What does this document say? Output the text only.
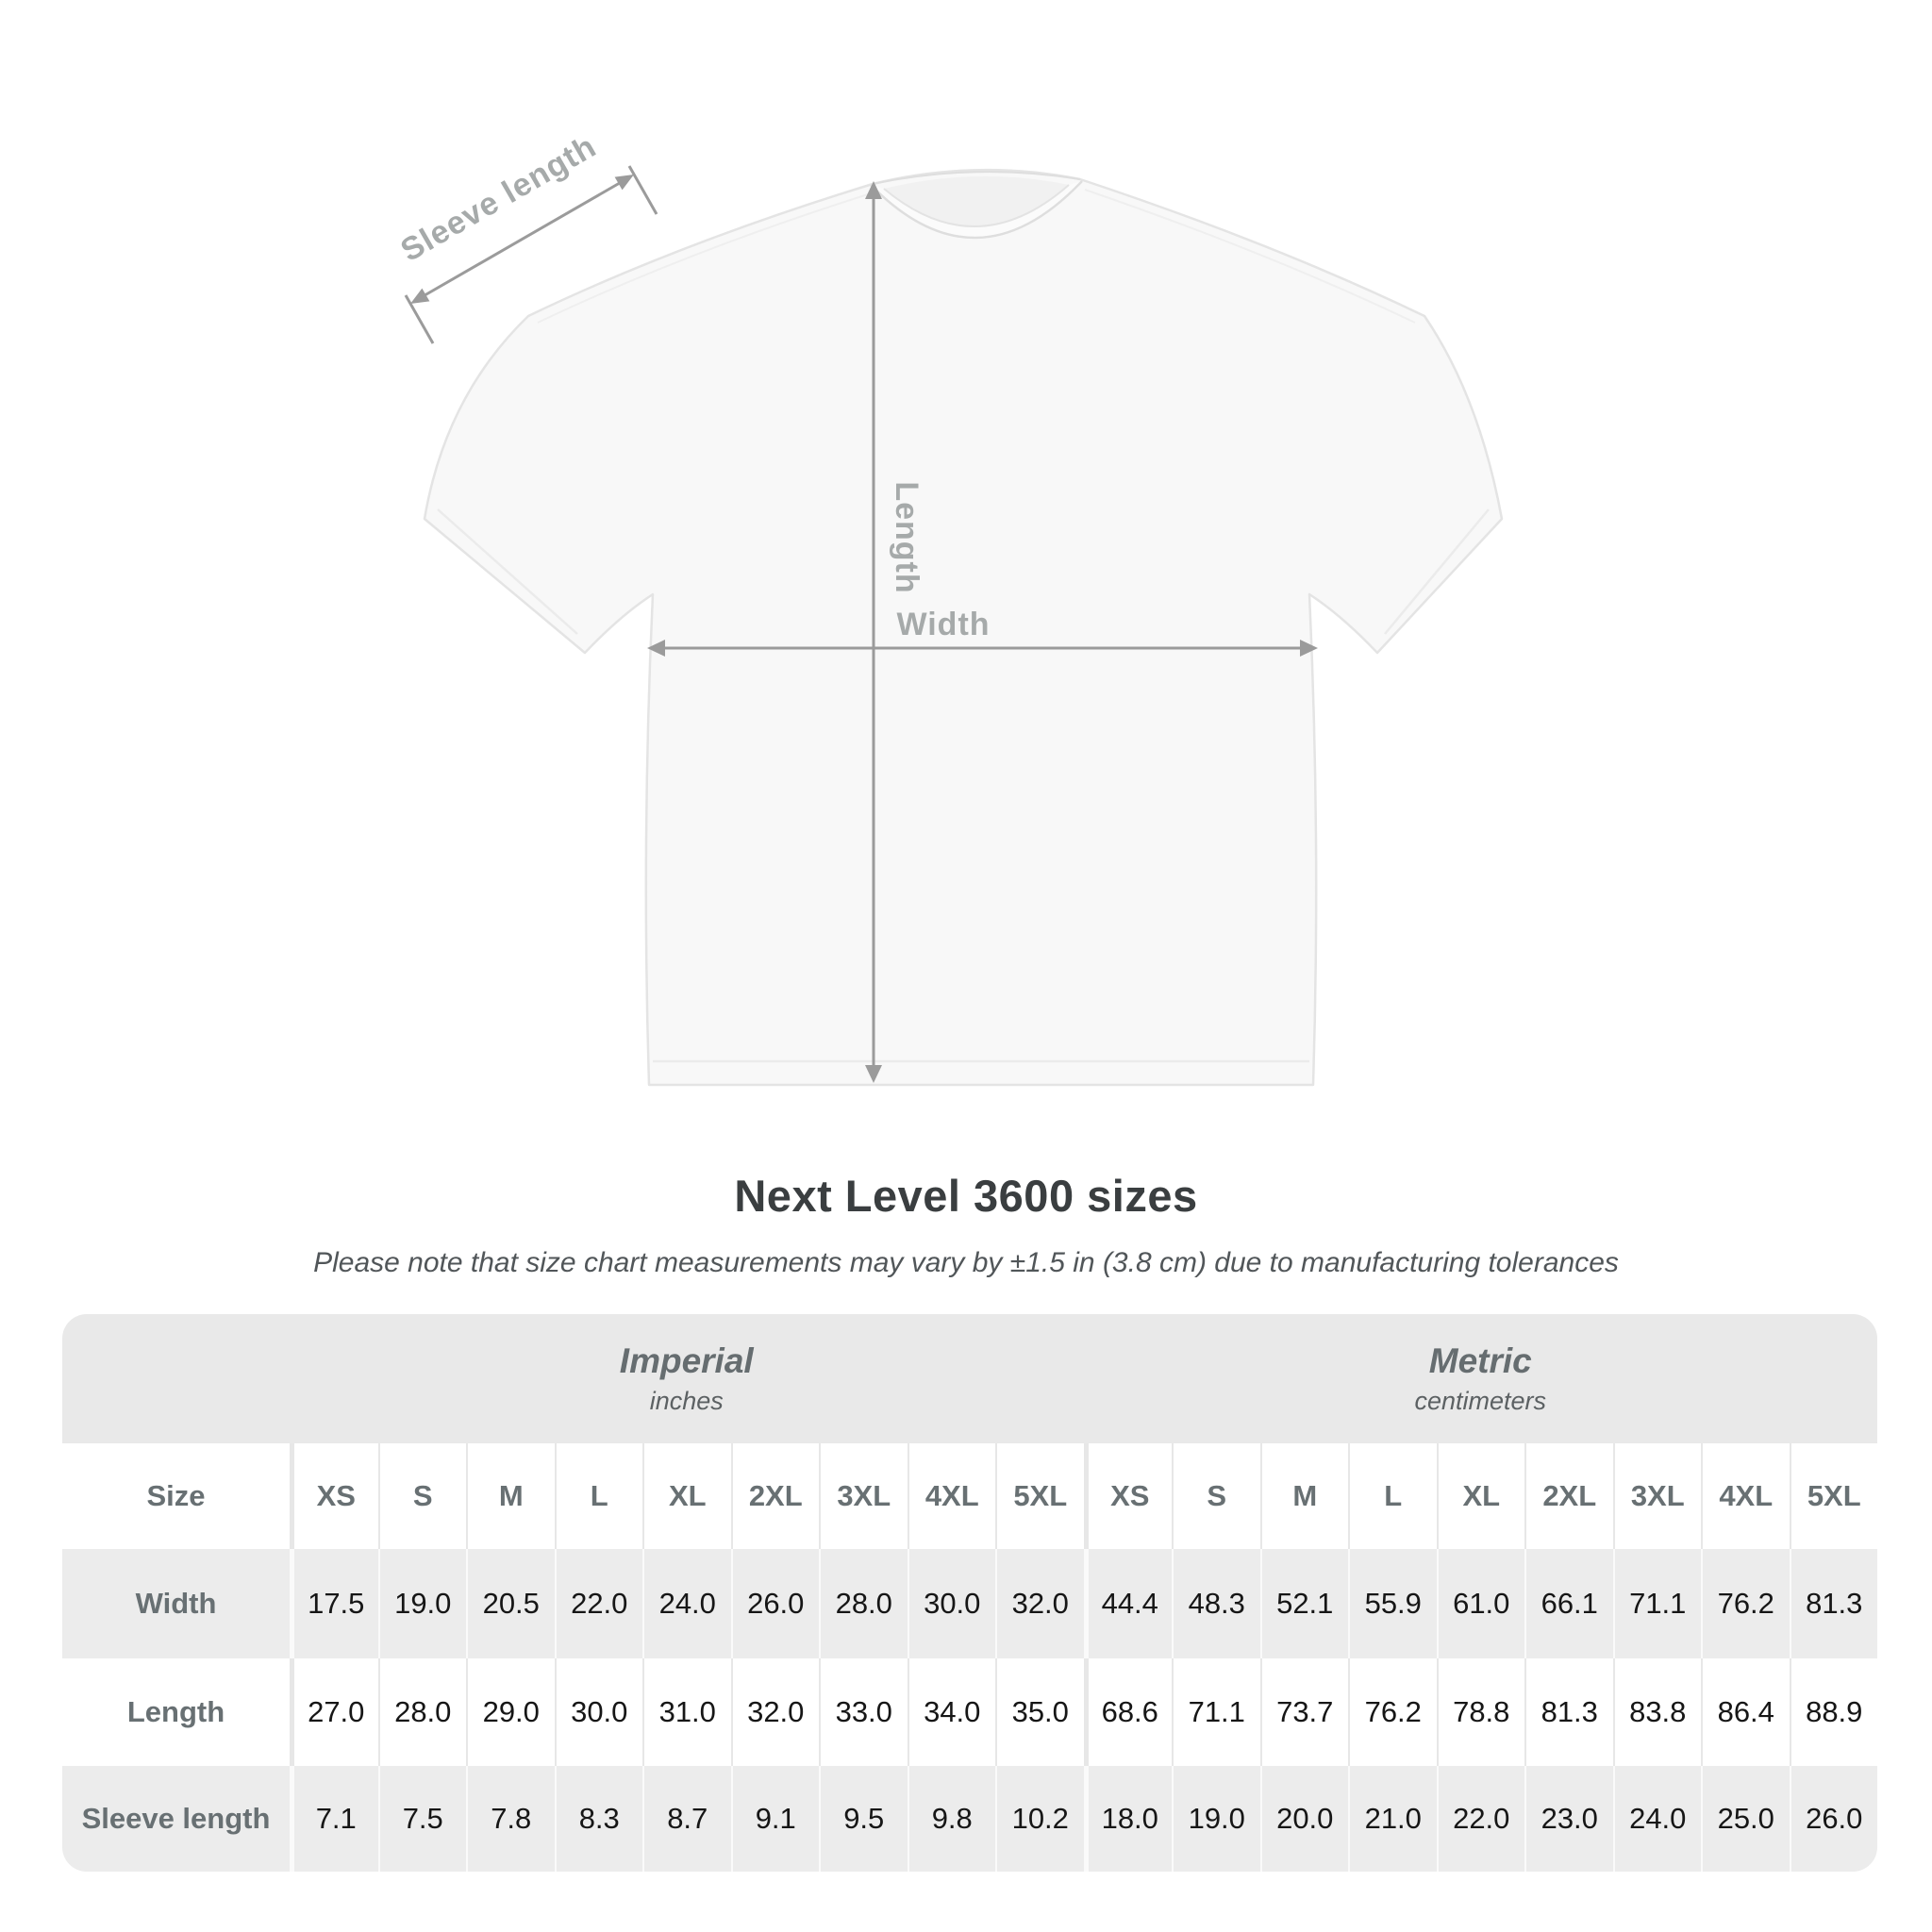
Length
Width
Sleeve length
Next Level 3600 sizes
Please note that size chart measurements may vary by ±1.5 in (3.8 cm) due to manufacturing tolerances
Imperial
inches
Metric
centimeters
Size	XS	S	M	L	XL	2XL	3XL	4XL	5XL	XS	S	M	L	XL	2XL	3XL	4XL	5XL
Width	17.5	19.0	20.5	22.0	24.0	26.0	28.0	30.0	32.0	44.4	48.3	52.1	55.9	61.0	66.1	71.1	76.2	81.3
Length	27.0	28.0	29.0	30.0	31.0	32.0	33.0	34.0	35.0	68.6	71.1	73.7	76.2	78.8	81.3	83.8	86.4	88.9
Sleeve length	7.1	7.5	7.8	8.3	8.7	9.1	9.5	9.8	10.2	18.0	19.0	20.0	21.0	22.0	23.0	24.0	25.0	26.0
